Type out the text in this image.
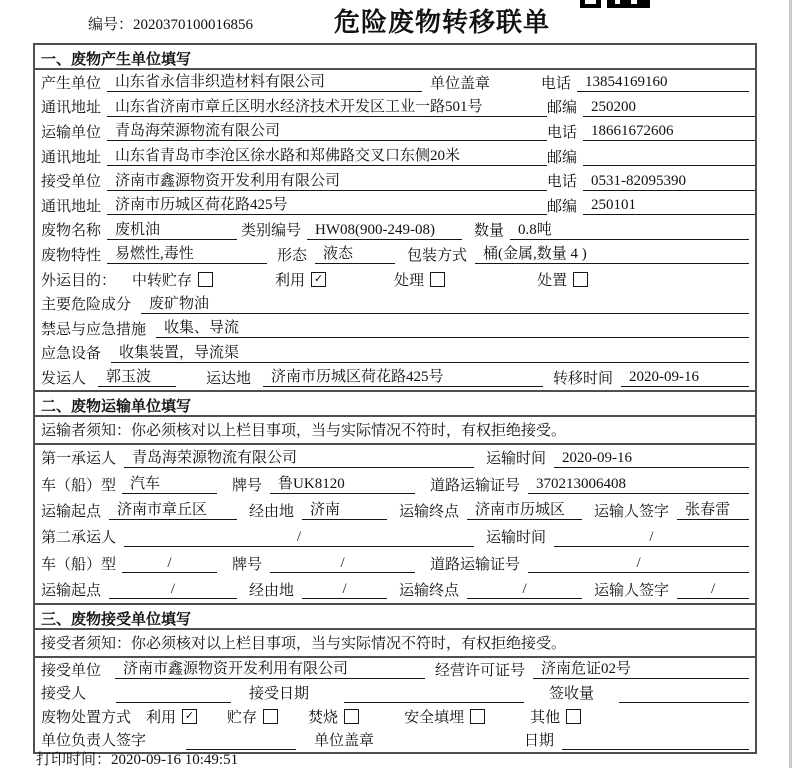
编号：2020370100016856	危险废物转移联单
一、废物产生单位填写
产生单位 山东省永信非织造材料有限公司	单位盖章	电话 13854169160
通讯地址 山东省济南市章丘区明水经济技术开发区工业一路501号	邮编 250200
运输单位 青岛海荣源物流有限公司	电话 18661672606
通讯地址 山东省青岛市李沧区徐水路和郑佛路交叉口东侧20米	邮编
接受单位 济南市鑫源物资开发利用有限公司	电话 0531-82095390
通讯地址 济南市历城区荷花路425号	邮编 250101
废物名称 废机油	类别编号 HW08(900-249-08)	数量 0.8吨
废物特性 易燃性,毒性	形态	液态	包装方式	桶(金属,数量 4 )
外运目的： 中转贮存	利用 ✓	处理	处置
主要危险成分	废矿物油
禁忌与应急措施	收集、导流
应急设备	收集装置，导流渠
发运人	郭玉波	运达地	济南市历城区荷花路425号	转移时间	2020-09-16
二、废物运输单位填写
运输者须知：你必须核对以上栏目事项，当与实际情况不符时，有权拒绝接受。
第一承运人	青岛海荣源物流有限公司	运输时间	2020-09-16
车（船）型 汽车	牌号	鲁UK8120	道路运输证号	370213006408
运输起点	济南市章丘区	经由地	济南	运输终点	济南市历城区	运输人签字	张春雷
第二承运人	/	运输时间	/
车（船）型	/	牌号	/	道路运输证号	/
运输起点	/	经由地	/	运输终点	/	运输人签字	/
三、废物接受单位填写
接受者须知：你必须核对以上栏目事项，当与实际情况不符时，有权拒绝接受。
接受单位	济南市鑫源物资开发利用有限公司	经营许可证号	济南危证02号
接受人	接受日期	签收量
废物处置方式 利用 ✓ 贮存	焚烧	安全填埋	其他
单位负责人签字	单位盖章	日期
打印时间：2020-09-16 10:49:51
